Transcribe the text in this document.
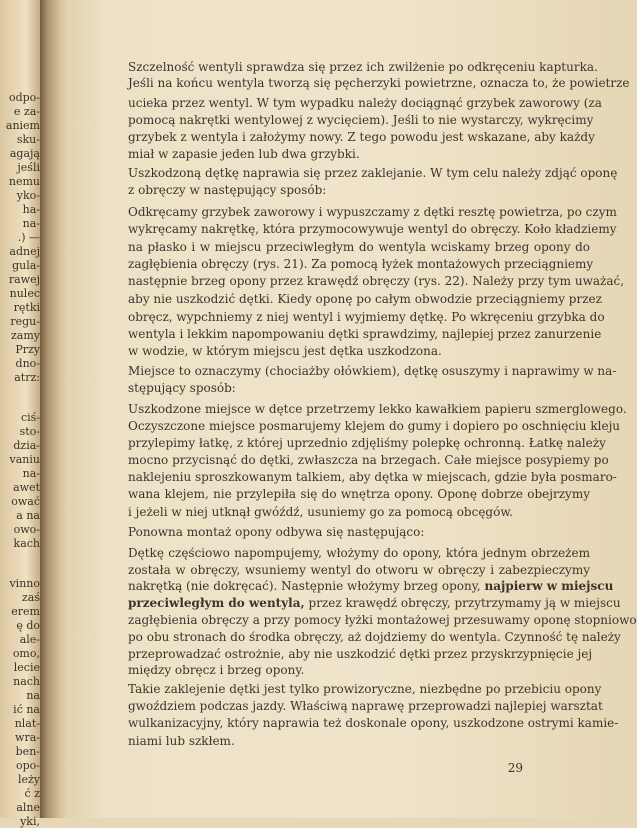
odpo-
e za-
aniem
sku-
agają
jeśli
nemu
yko-
ha-
na-
.) —
adnej
gula-
rawej
nulec
rętki
regu-
zamy
Przy
dno-
atrz:
ciś-
sto-
dzia-
vaniu
na-
awet
ować
a na
owo-
kach
vinno
zaś
erem
ę do
ale-
omo,
lecie
nach
na
ić na
nlat-
wra-
ben-
opo-
leży
ć z
alne
yki,
29
Szczelność wentyli sprawdza się przez ich zwilżenie po odkręceniu kapturka.
Jeśli na końcu wentyla tworzą się pęcherzyki powietrzne, oznacza to, że powietrze
ucieka przez wentyl. W tym wypadku należy dociągnąć grzybek zaworowy (za
pomocą nakrętki wentylowej z wycięciem). Jeśli to nie wystarczy, wykręcimy
grzybek z wentyla i założymy nowy. Z tego powodu jest wskazane, aby każdy
miał w zapasie jeden lub dwa grzybki.
Uszkodzoną dętkę naprawia się przez zaklejanie. W tym celu należy zdjąć oponę
z obręczy w następujący sposób:
Odkręcamy grzybek zaworowy i wypuszczamy z dętki resztę powietrza, po czym
wykręcamy nakrętkę, która przymocowywuje wentyl do obręczy. Koło kładziemy
na płasko i w miejscu przeciwległym do wentyla wciskamy brzeg opony do
zagłębienia obręczy (rys. 21). Za pomocą łyżek montażowych przeciągniemy
następnie brzeg opony przez krawędź obręczy (rys. 22). Należy przy tym uważać,
aby nie uszkodzić dętki. Kiedy oponę po całym obwodzie przeciągniemy przez
obręcz, wypchniemy z niej wentyl i wyjmiemy dętkę. Po wkręceniu grzybka do
wentyla i lekkim napompowaniu dętki sprawdzimy, najlepiej przez zanurzenie
w wodzie, w którym miejscu jest dętka uszkodzona.
Miejsce to oznaczymy (chociażby ołówkiem), dętkę osuszymy i naprawimy w na-
stępujący sposób:
Uszkodzone miejsce w dętce przetrzemy lekko kawałkiem papieru szmerglowego.
Oczyszczone miejsce posmarujemy klejem do gumy i dopiero po oschnięciu kleju
przylepimy łatkę, z której uprzednio zdjęliśmy polepkę ochronną. Łatkę należy
mocno przycisnąć do dętki, zwłaszcza na brzegach. Całe miejsce posypiemy po
naklejeniu sproszkowanym talkiem, aby dętka w miejscach, gdzie była posmaro-
wana klejem, nie przylepiła się do wnętrza opony. Oponę dobrze obejrzymy
i jeżeli w niej utknął gwóźdź, usuniemy go za pomocą obcęgów.
Ponowna montaż opony odbywa się następująco:
Dętkę częściowo napompujemy, włożymy do opony, która jednym obrzeżem
została w obręczy, wsuniemy wentyl do otworu w obręczy i zabezpieczymy
nakrętką (nie dokręcać). Następnie włożymy brzeg opony, najpierw w miejscu
przeciwległym do wentyla, przez krawędź obręczy, przytrzymamy ją w miejscu
zagłębienia obręczy a przy pomocy łyżki montażowej przesuwamy oponę stopniowo
po obu stronach do środka obręczy, aż dojdziemy do wentyla. Czynność tę należy
przeprowadzać ostrożnie, aby nie uszkodzić dętki przez przyskrzypnięcie jej
między obręcz i brzeg opony.
Takie zaklejenie dętki jest tylko prowizoryczne, niezbędne po przebiciu opony
gwoździem podczas jazdy. Właściwą naprawę przeprowadzi najlepiej warsztat
wulkanizacyjny, który naprawia też doskonale opony, uszkodzone ostrymi kamie-
niami lub szkłem.
